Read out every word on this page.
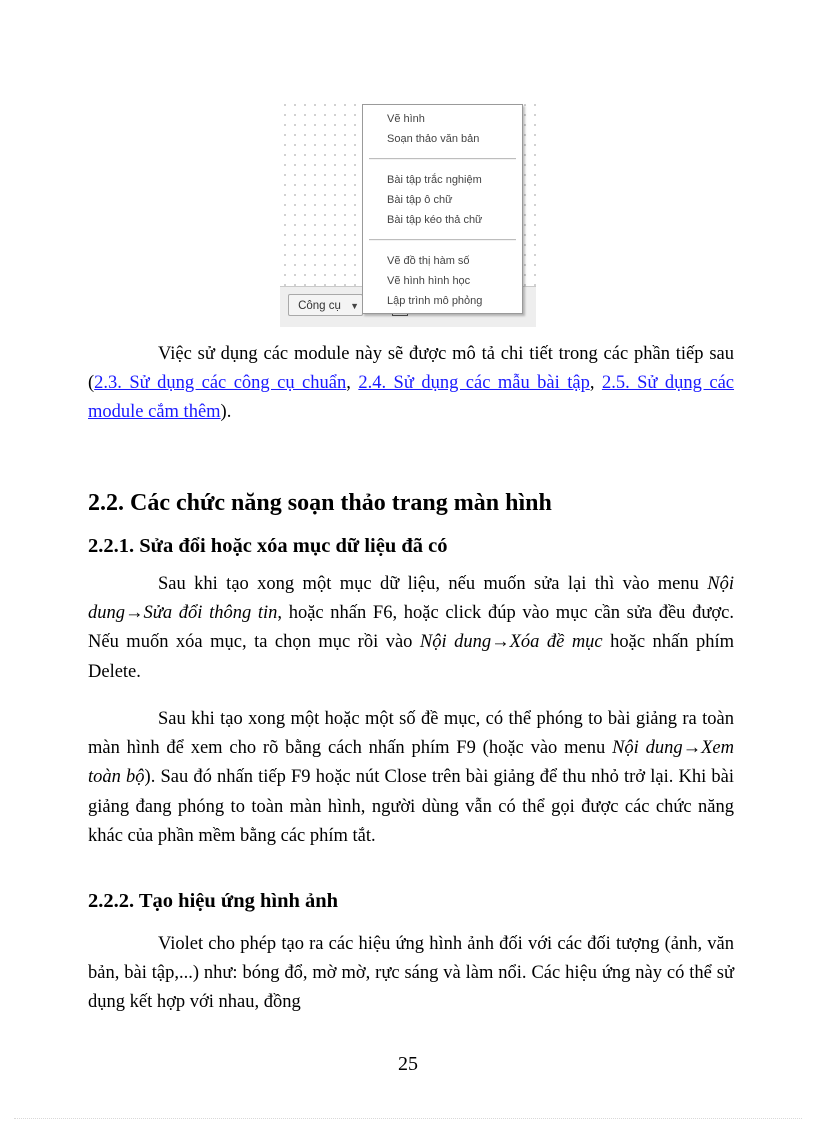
Công cụ ▼
Vẽ hình
Soạn thảo văn bản
Bài tập trắc nghiệm
Bài tập ô chữ
Bài tập kéo thả chữ
Vẽ đồ thị hàm số
Vẽ hình hình học
Lập trình mô phỏng

Việc sử dụng các module này sẽ được mô tả chi tiết trong các phần tiếp sau (2.3. Sử dụng các công cụ chuẩn, 2.4. Sử dụng các mẫu bài tập, 2.5. Sử dụng các module cắm thêm).

2.2. Các chức năng soạn thảo trang màn hình
2.2.1. Sửa đổi hoặc xóa mục dữ liệu đã có

Sau khi tạo xong một mục dữ liệu, nếu muốn sửa lại thì vào menu Nội dung→Sửa đổi thông tin, hoặc nhấn F6, hoặc click đúp vào mục cần sửa đều được. Nếu muốn xóa mục, ta chọn mục rồi vào Nội dung→Xóa đề mục hoặc nhấn phím Delete.

Sau khi tạo xong một hoặc một số đề mục, có thể phóng to bài giảng ra toàn màn hình để xem cho rõ bằng cách nhấn phím F9 (hoặc vào menu Nội dung→Xem toàn bộ). Sau đó nhấn tiếp F9 hoặc nút Close trên bài giảng để thu nhỏ trở lại. Khi bài giảng đang phóng to toàn màn hình, người dùng vẫn có thể gọi được các chức năng khác của phần mềm bằng các phím tắt.

2.2.2. Tạo hiệu ứng hình ảnh

Violet cho phép tạo ra các hiệu ứng hình ảnh đối với các đối tượng (ảnh, văn bản, bài tập,...) như: bóng đổ, mờ mờ, rực sáng và làm nổi. Các hiệu ứng này có thể sử dụng kết hợp với nhau, đồng

25
